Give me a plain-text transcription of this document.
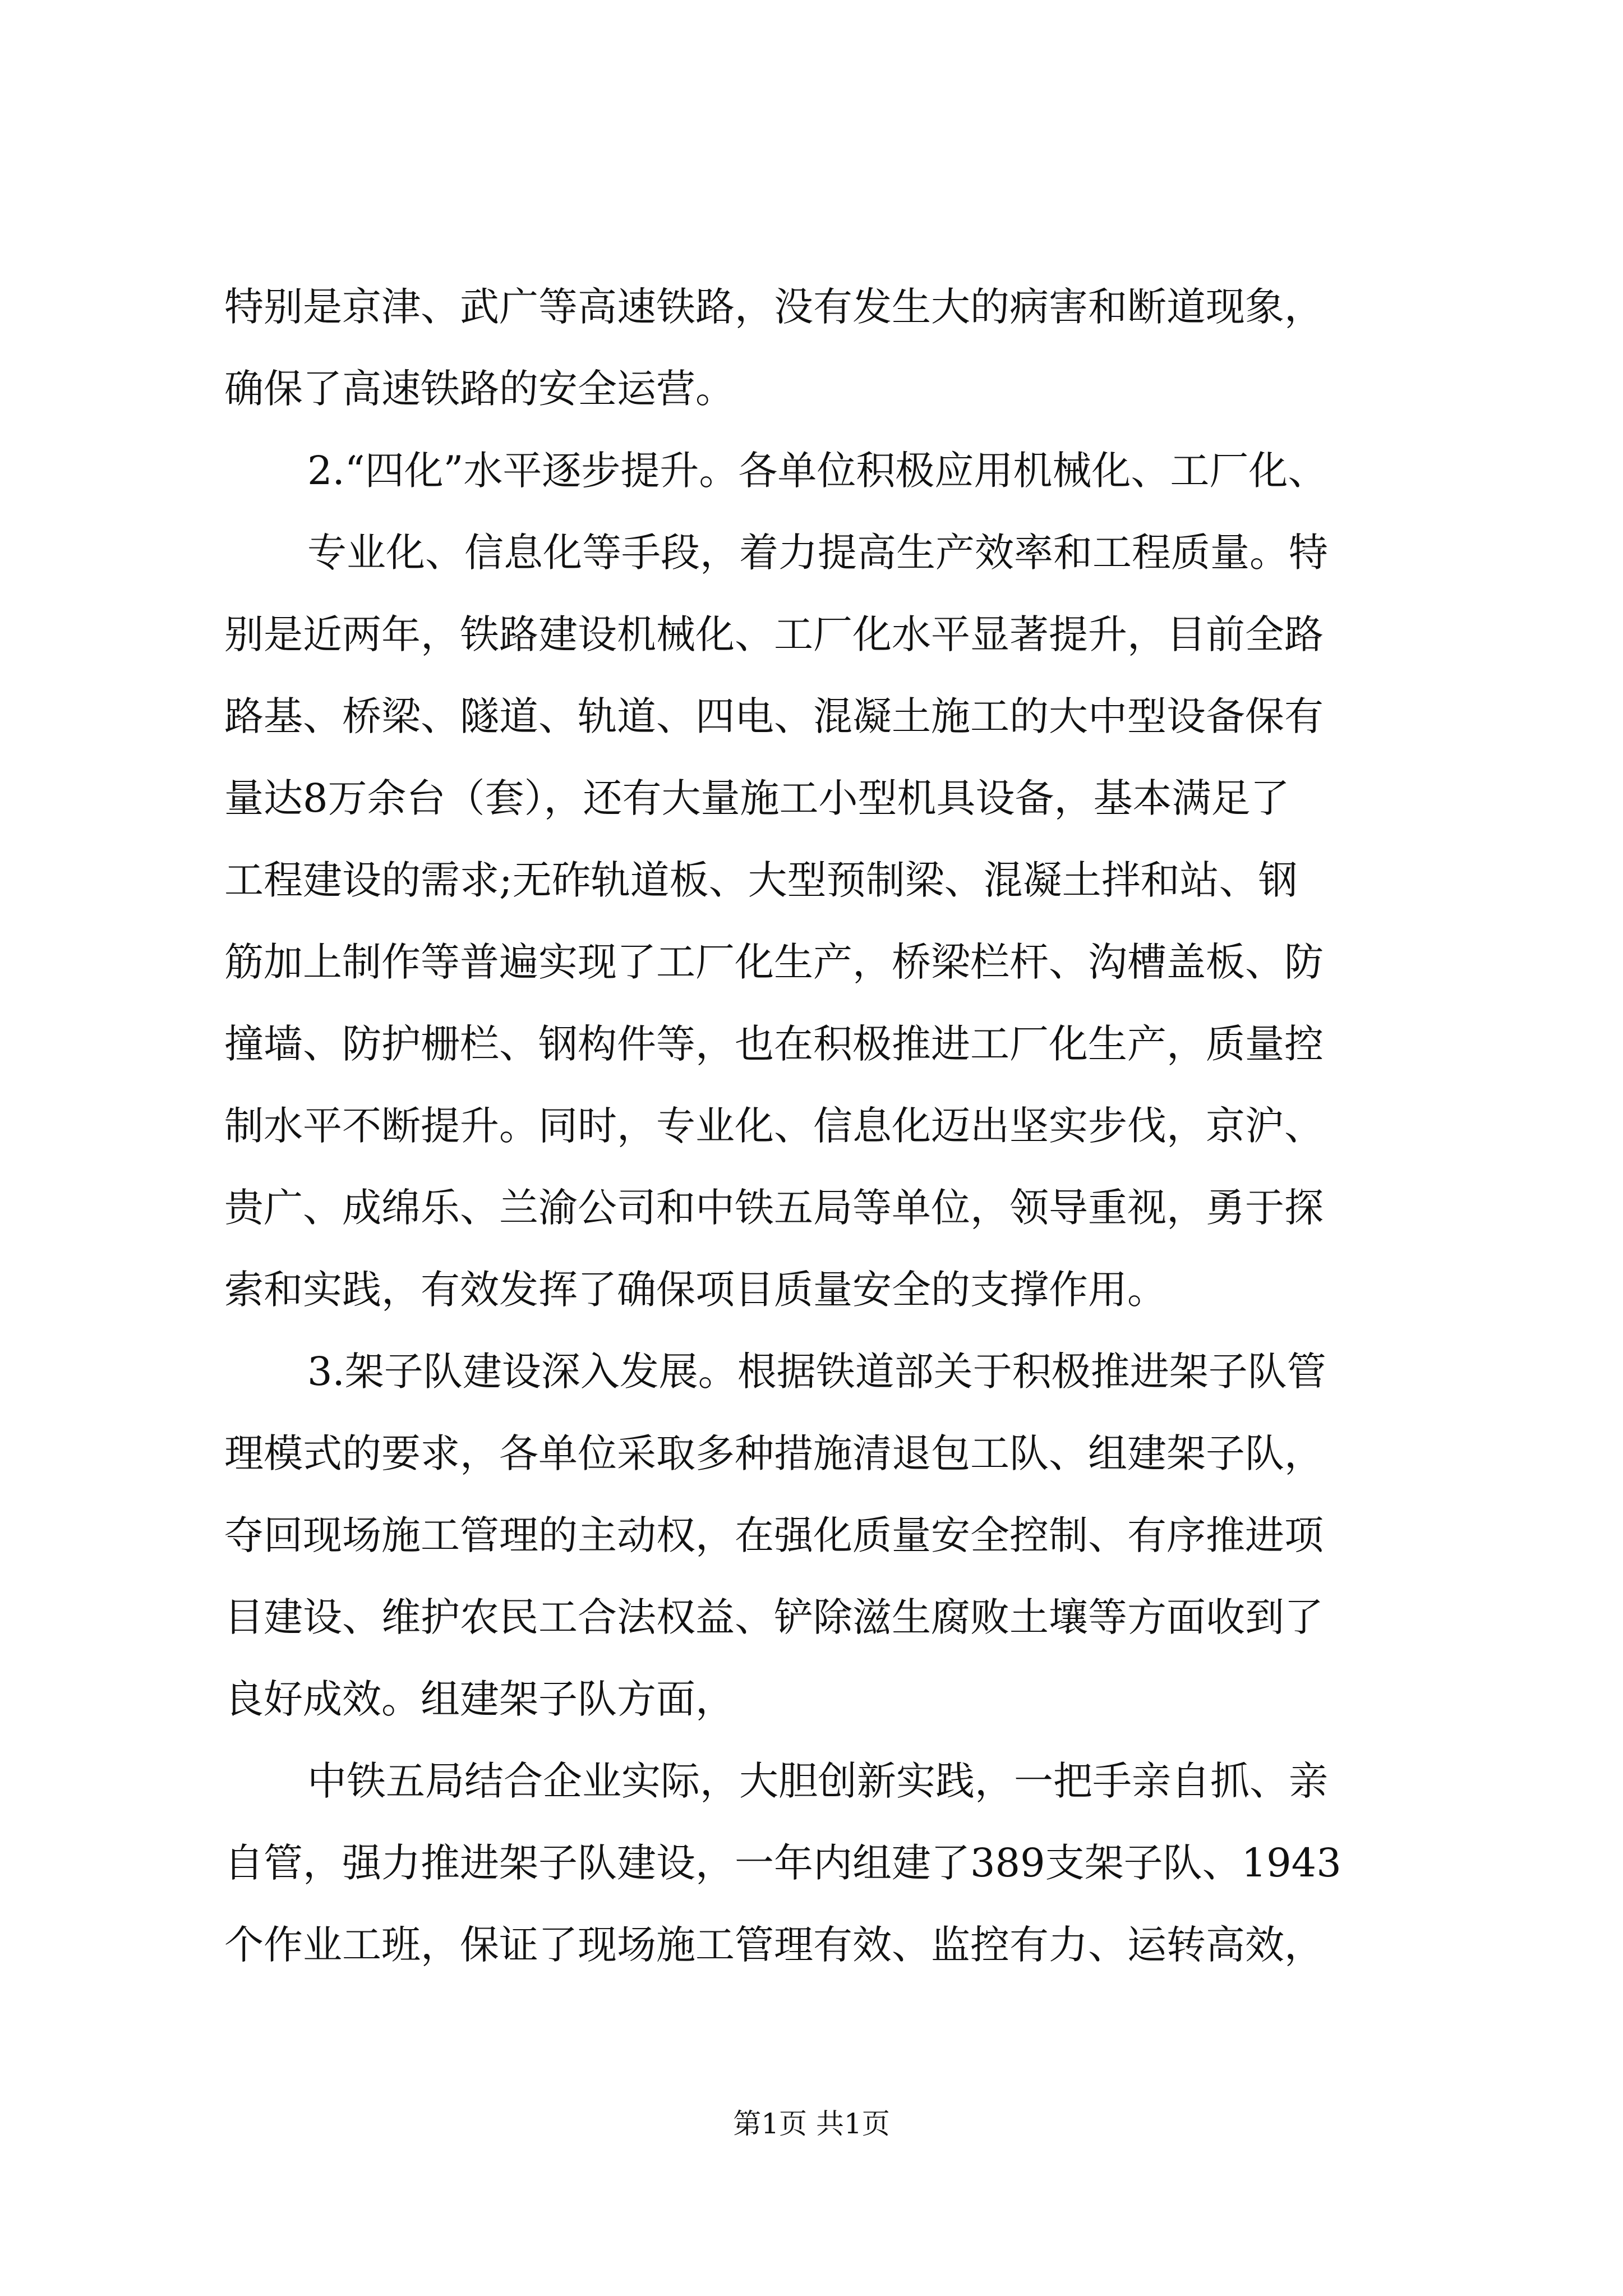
特别是京津、武广等高速铁路，没有发生大的病害和断道现象，
确保了高速铁路的安全运营。
2.“四化”水平逐步提升。各单位积极应用机械化、工厂化、
专业化、信息化等手段，着力提高生产效率和工程质量。特
别是近两年，铁路建设机械化、工厂化水平显著提升，目前全路
路基、桥梁、隧道、轨道、四电、混凝土施工的大中型设备保有
量达8万余台（套），还有大量施工小型机具设备，基本满足了
工程建设的需求;无砟轨道板、大型预制梁、混凝土拌和站、钢
筋加上制作等普遍实现了工厂化生产，桥梁栏杆、沟槽盖板、防
撞墙、防护栅栏、钢构件等，也在积极推进工厂化生产，质量控
制水平不断提升。同时，专业化、信息化迈出坚实步伐，京沪、
贵广、成绵乐、兰渝公司和中铁五局等单位，领导重视，勇于探
索和实践，有效发挥了确保项目质量安全的支撑作用。
3.架子队建设深入发展。根据铁道部关于积极推进架子队管
理模式的要求，各单位采取多种措施清退包工队、组建架子队，
夺回现场施工管理的主动权，在强化质量安全控制、有序推进项
目建设、维护农民工合法权益、铲除滋生腐败土壤等方面收到了
良好成效。组建架子队方面，
中铁五局结合企业实际，大胆创新实践，一把手亲自抓、亲
自管，强力推进架子队建设，一年内组建了389支架子队、1943
个作业工班，保证了现场施工管理有效、监控有力、运转高效，
第1页 共1页
